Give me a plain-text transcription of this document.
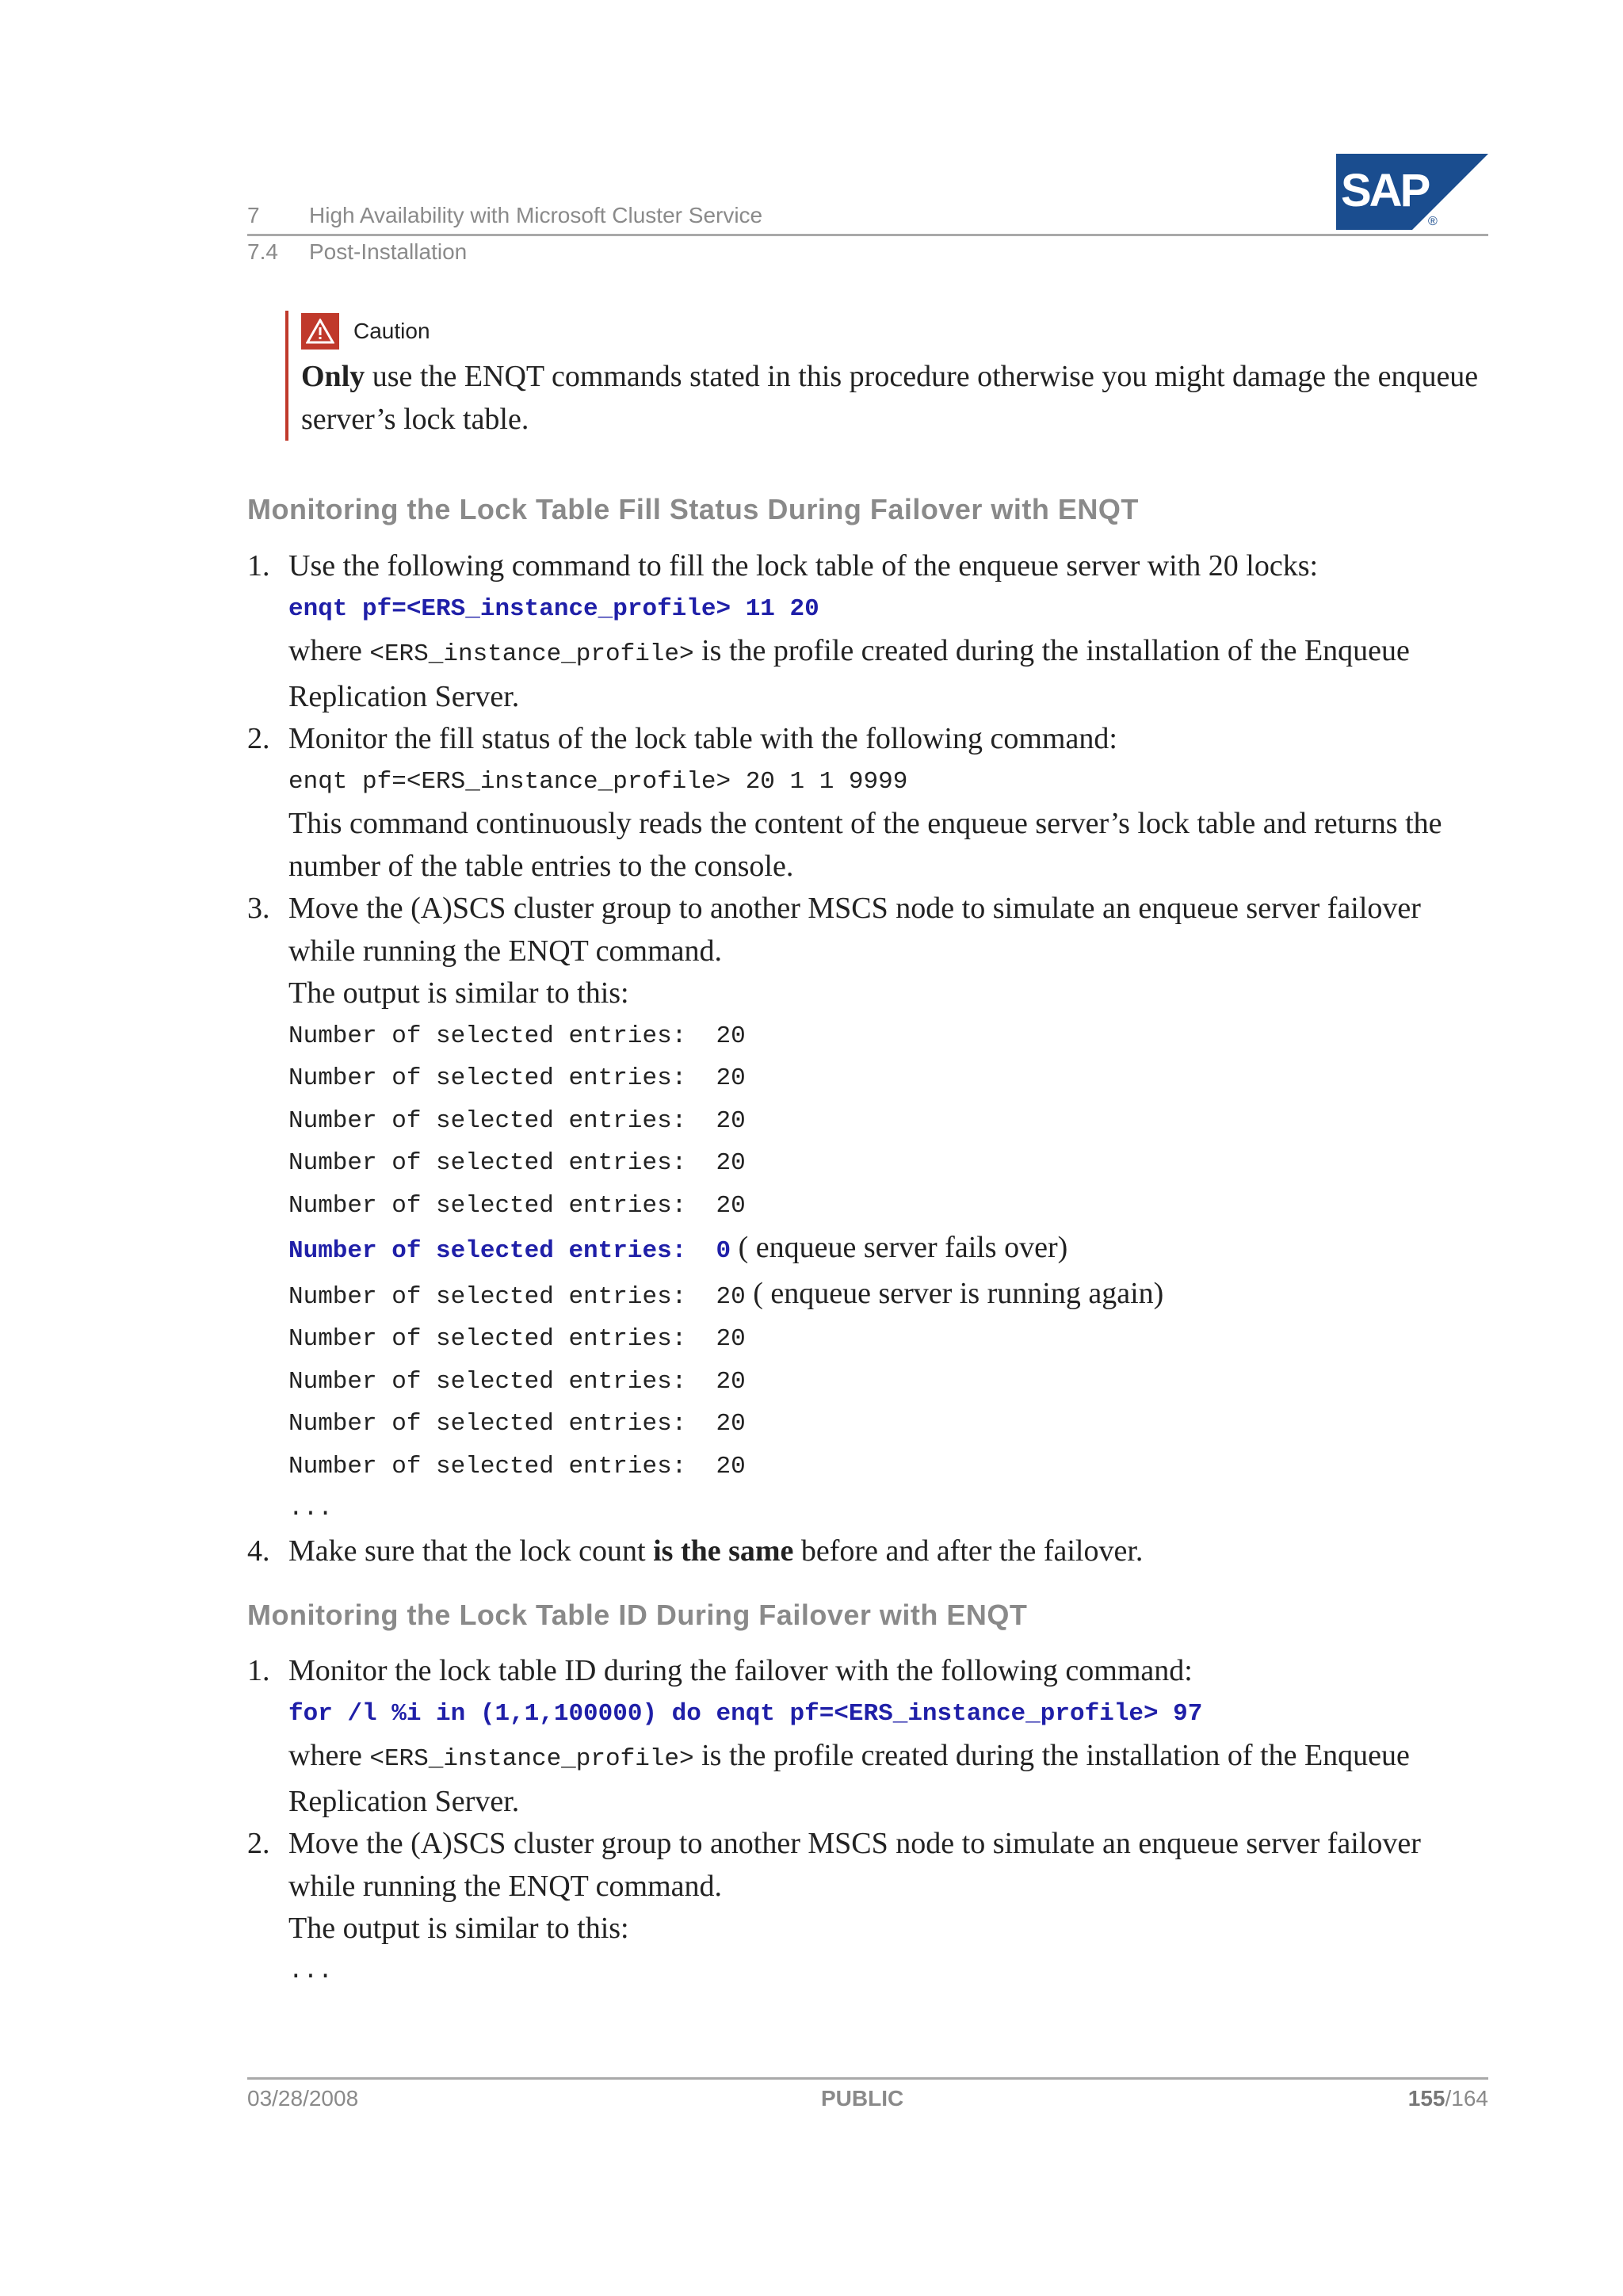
7 High Availability with Microsoft Cluster Service
7.4 Post-Installation
SAP
®
Caution
Only use the ENQT commands stated in this procedure otherwise you might damage the enqueue server’s lock table.
Monitoring the Lock Table Fill Status During Failover with ENQT
1. Use the following command to fill the lock table of the enqueue server with 20 locks:
enqt pf=<ERS_instance_profile> 11 20
where <ERS_instance_profile> is the profile created during the installation of the Enqueue Replication Server.
2. Monitor the fill status of the lock table with the following command:
enqt pf=<ERS_instance_profile> 20 1 1 9999
This command continuously reads the content of the enqueue server’s lock table and returns the number of the table entries to the console.
3. Move the (A)SCS cluster group to another MSCS node to simulate an enqueue server failover while running the ENQT command.
The output is similar to this:
Number of selected entries:  20
Number of selected entries:  20
Number of selected entries:  20
Number of selected entries:  20
Number of selected entries:  20
Number of selected entries:  0 ( enqueue server fails over)
Number of selected entries:  20 ( enqueue server is running again)
Number of selected entries:  20
Number of selected entries:  20
Number of selected entries:  20
Number of selected entries:  20
...
4. Make sure that the lock count is the same before and after the failover.
Monitoring the Lock Table ID During Failover with ENQT
1. Monitor the lock table ID during the failover with the following command:
for /l %i in (1,1,100000) do enqt pf=<ERS_instance_profile> 97
where <ERS_instance_profile> is the profile created during the installation of the Enqueue Replication Server.
2. Move the (A)SCS cluster group to another MSCS node to simulate an enqueue server failover while running the ENQT command.
The output is similar to this:
...
03/28/2008	PUBLIC	155/164
